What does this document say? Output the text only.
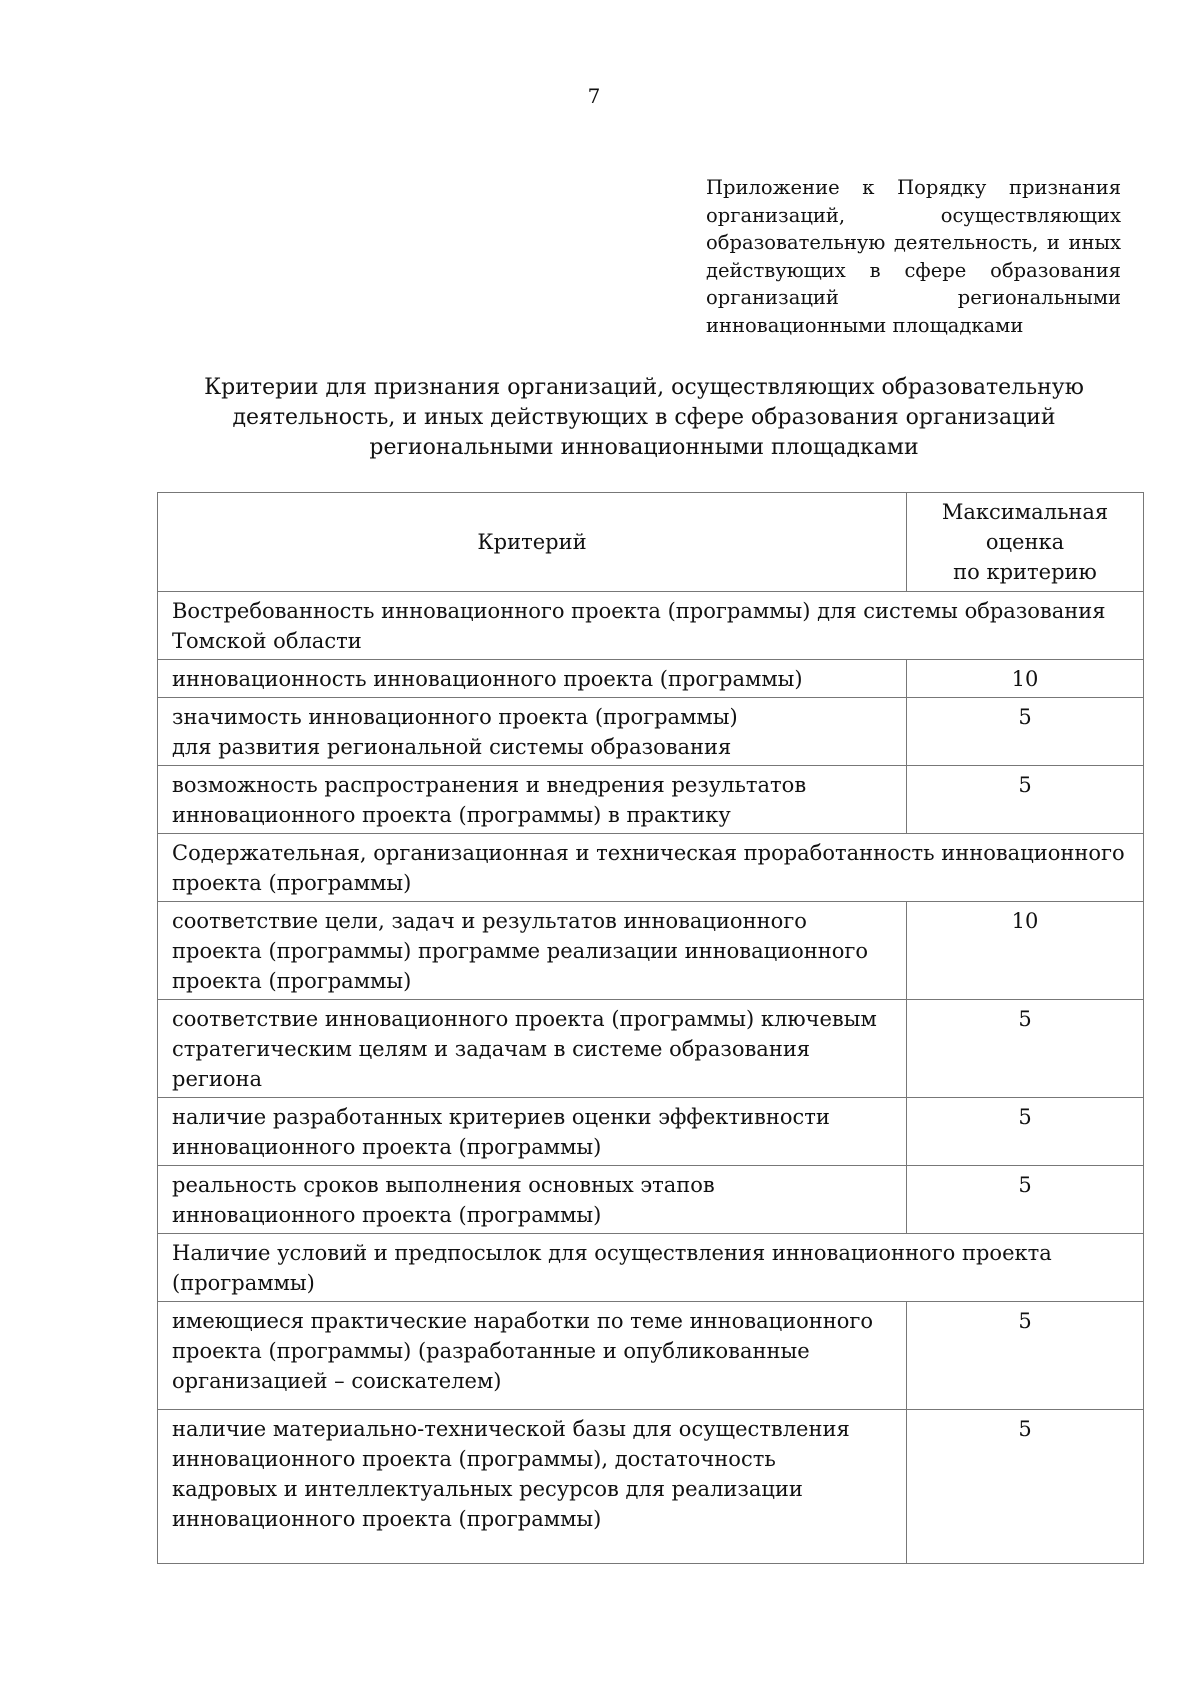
7
Приложение к Порядку признания
организаций, осуществляющих
образовательную деятельность, и иных
действующих в сфере образования
организаций региональными
инновационными площадками
Критерии для признания организаций, осуществляющих образовательную
деятельность, и иных действующих в сфере образования организаций
региональными инновационными площадками
Критерий	Максимальная
оценка
по критерию

Востребованность инновационного проекта (программы) для системы образования
Томской области	

инновационность инновационного проекта (программы)	10

значимость инновационного проекта (программы)
для развития региональной системы образования	5

возможность распространения и внедрения результатов
инновационного проекта (программы) в практику	5

Содержательная, организационная и техническая проработанность инновационного
проекта (программы)	

соответствие цели, задач и результатов инновационного
проекта (программы) программе реализации инновационного
проекта (программы)	10

соответствие инновационного проекта (программы) ключевым
стратегическим целям и задачам в системе образования
региона	5

наличие разработанных критериев оценки эффективности
инновационного проекта (программы)	5

реальность сроков выполнения основных этапов
инновационного проекта (программы)	5

Наличие условий и предпосылок для осуществления инновационного проекта
(программы)	

имеющиеся практические наработки по теме инновационного
проекта (программы) (разработанные и опубликованные
организацией – соискателем)	5

наличие материально-технической базы для осуществления
инновационного проекта (программы), достаточность
кадровых и интеллектуальных ресурсов для реализации
инновационного проекта (программы)	5
